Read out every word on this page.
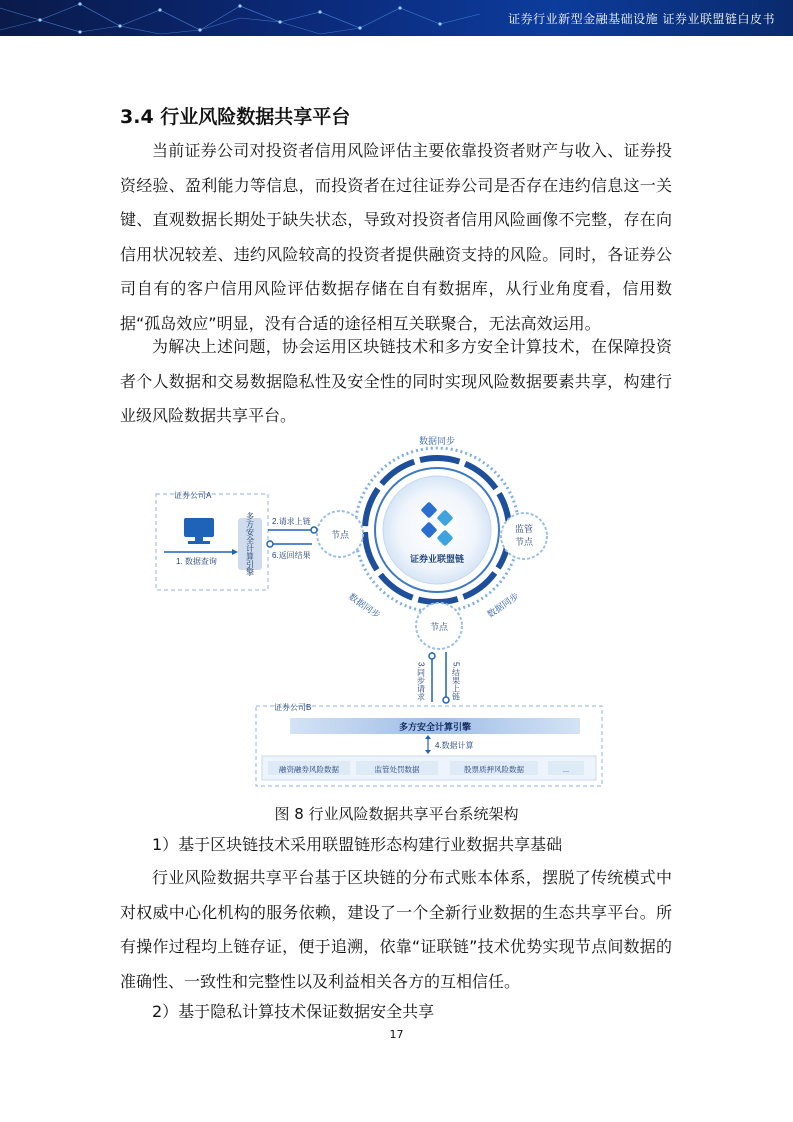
证券行业新型金融基础设施 证券业联盟链白皮书
3.4 行业风险数据共享平台

当前证券公司对投资者信用风险评估主要依靠投资者财产与收入、证券投资经验、盈利能力等信息，而投资者在过往证券公司是否存在违约信息这一关键、直观数据长期处于缺失状态，导致对投资者信用风险画像不完整，存在向信用状况较差、违约风险较高的投资者提供融资支持的风险。同时，各证券公司自有的客户信用风险评估数据存储在自有数据库，从行业角度看，信用数据“孤岛效应”明显，没有合适的途径相互关联聚合，无法高效运用。

为解决上述问题，协会运用区块链技术和多方安全计算技术，在保障投资者个人数据和交易数据隐私性及安全性的同时实现风险数据要素共享，构建行业级风险数据共享平台。

数据同步
证券业联盟链
数据同步	数据同步
节点
监管
节点
节点
证券公司A
1. 数据查询	多方安全计算引擎 2.请求上链
6.返回结果
3.同步请求	5.结果上链
证券公司B
多方安全计算引擎
4.数据计算
融资融券风险数据	监管处罚数据	股票质押风险数据	...
图 8 行业风险数据共享平台系统架构
1）基于区块链技术采用联盟链形态构建行业数据共享基础

行业风险数据共享平台基于区块链的分布式账本体系，摆脱了传统模式中对权威中心化机构的服务依赖，建设了一个全新行业数据的生态共享平台。所有操作过程均上链存证，便于追溯，依靠“证联链”技术优势实现节点间数据的准确性、一致性和完整性以及利益相关各方的互相信任。

2）基于隐私计算技术保证数据安全共享
17
